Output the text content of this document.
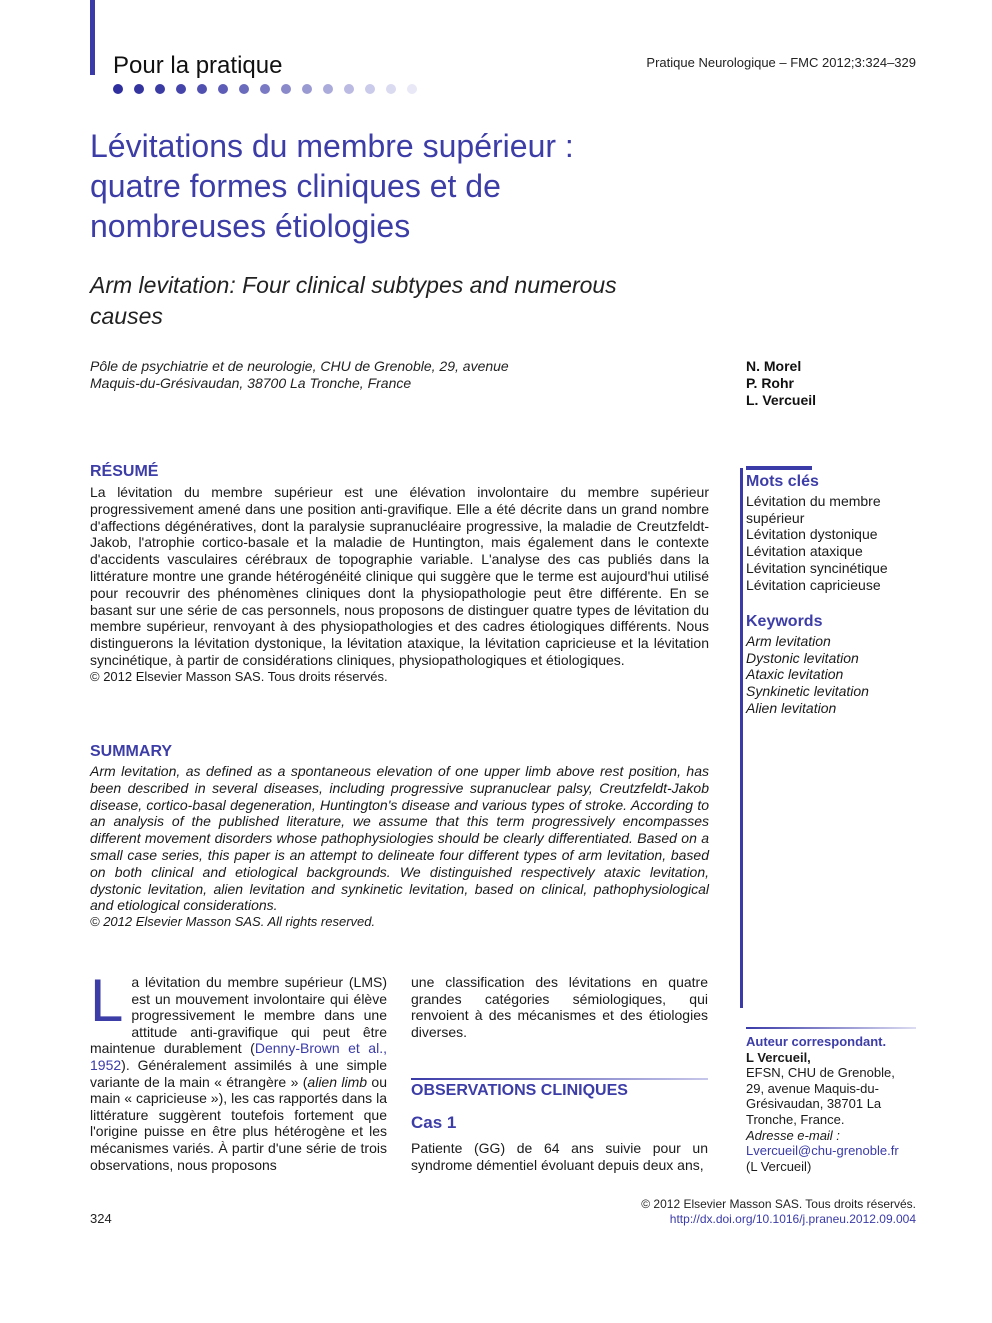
Pour la pratique	Pratique Neurologique – FMC 2012;3:324–329
Lévitations du membre supérieur :
quatre formes cliniques et de
nombreuses étiologies
Arm levitation: Four clinical subtypes and numerous
causes
Pôle de psychiatrie et de neurologie, CHU de Grenoble, 29, avenue
Maquis-du-Grésivaudan, 38700 La Tronche, France
N. Morel
P. Rohr
L. Vercueil
RÉSUMÉ
La lévitation du membre supérieur est une élévation involontaire du membre supérieur progressivement amené dans une position anti-gravifique. Elle a été décrite dans un grand nombre d'affections dégénératives, dont la paralysie supranucléaire progressive, la maladie de Creutzfeldt-Jakob, l'atrophie cortico-basale et la maladie de Huntington, mais également dans le contexte d'accidents vasculaires cérébraux de topographie variable. L'analyse des cas publiés dans la littérature montre une grande hétérogénéité clinique qui suggère que le terme est aujourd'hui utilisé pour recouvrir des phénomènes cliniques dont la physiopathologie peut être différente. En se basant sur une série de cas personnels, nous proposons de distinguer quatre types de lévitation du membre supérieur, renvoyant à des physiopathologies et des cadres étiologiques différents. Nous distinguerons la lévitation dystonique, la lévitation ataxique, la lévitation capricieuse et la lévitation syncinétique, à partir de considérations cliniques, physiopathologiques et étiologiques.
© 2012 Elsevier Masson SAS. Tous droits réservés.
SUMMARY
Arm levitation, as defined as a spontaneous elevation of one upper limb above rest position, has been described in several diseases, including progressive supranuclear palsy, Creutzfeldt-Jakob disease, cortico-basal degeneration, Huntington's disease and various types of stroke. According to an analysis of the published literature, we assume that this term progressively encompasses different movement disorders whose pathophysiologies should be clearly differentiated. Based on a small case series, this paper is an attempt to delineate four different types of arm levitation, based on both clinical and etiological backgrounds. We distinguished respectively ataxic levitation, dystonic levitation, alien levitation and synkinetic levitation, based on clinical, pathophysiological and etiological considerations.
© 2012 Elsevier Masson SAS. All rights reserved.
Mots clés
Lévitation du membre
supérieur
Lévitation dystonique
Lévitation ataxique
Lévitation syncinétique
Lévitation capricieuse
Keywords
Arm levitation
Dystonic levitation
Ataxic levitation
Synkinetic levitation
Alien levitation
La lévitation du membre supérieur (LMS) est un mouvement involontaire qui élève progressivement le membre dans une attitude anti-gravifique qui peut être maintenue durablement (Denny-Brown et al., 1952). Généralement assimilés à une simple variante de la main « étrangère » (alien limb ou main « capricieuse »), les cas rapportés dans la littérature suggèrent toutefois fortement que l'origine puisse en être plus hétérogène et les mécanismes variés. À partir d'une série de trois observations, nous proposons
une classification des lévitations en quatre grandes catégories sémiologiques, qui renvoient à des mécanismes et des étiologies diverses.
OBSERVATIONS CLINIQUES
Cas 1
Patiente (GG) de 64 ans suivie pour un syndrome démentiel évoluant depuis deux ans,
Auteur correspondant.
L Vercueil,
EFSN, CHU de Grenoble,
29, avenue Maquis-du-
Grésivaudan, 38701 La
Tronche, France.
Adresse e-mail :
Lvercueil@chu-grenoble.fr
(L Vercueil)
324
© 2012 Elsevier Masson SAS. Tous droits réservés.
http://dx.doi.org/10.1016/j.praneu.2012.09.004
